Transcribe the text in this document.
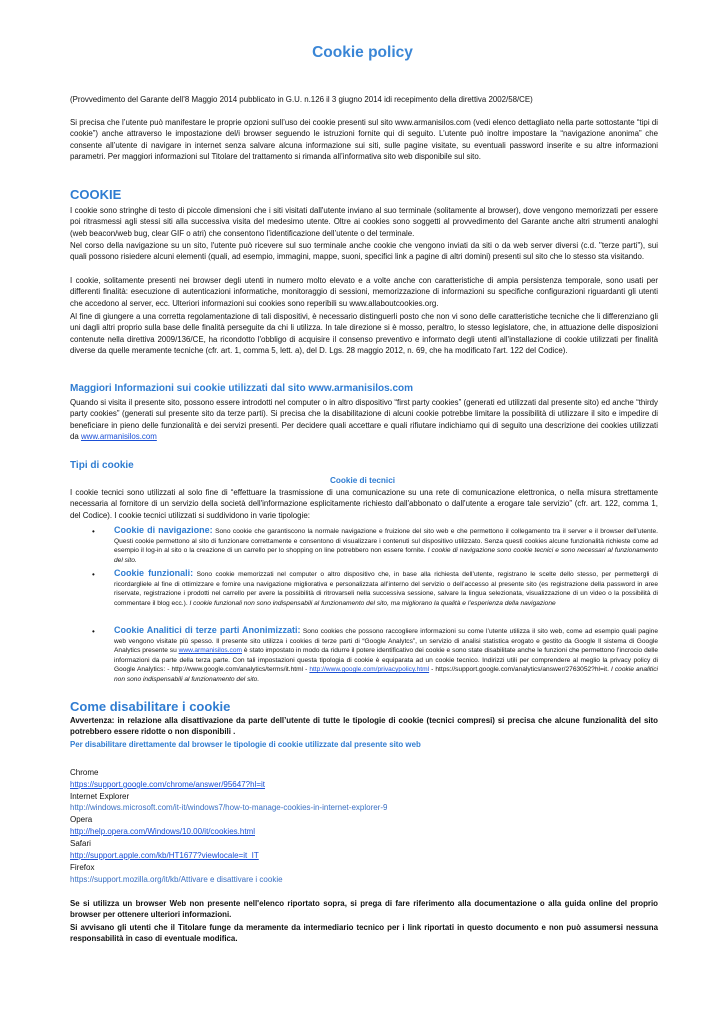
Cookie policy

(Provvedimento del Garante dell’8 Maggio 2014 pubblicato in G.U. n.126 il 3 giugno 2014 idi recepimento della direttiva 2002/58/CE)

Si precisa che l’utente può manifestare le proprie opzioni sull’uso dei cookie presenti sul sito www.armanisilos.com (vedi elenco dettagliato nella parte sottostante “tipi di cookie”) anche attraverso le impostazione del/i browser seguendo le istruzioni fornite qui di seguito. L’utente può inoltre impostare la “navigazione anonima” che consente all’utente di navigare in internet senza salvare alcuna informazione sui siti, sulle pagine visitate, su eventuali password inserite e su altre informazioni parametri. Per maggiori informazioni sul Titolare del trattamento si rimanda all’informativa sito web disponibile sul sito.

COOKIE

I cookie sono stringhe di testo di piccole dimensioni che i siti visitati dall'utente inviano al suo terminale (solitamente al browser), dove vengono memorizzati per essere poi ritrasmessi agli stessi siti alla successiva visita del medesimo utente. Oltre ai cookies sono soggetti al provvedimento del Garante anche altri strumenti analoghi (web beacon/web bug, clear GIF o atri) che consentono l’identificazione dell’utente o del terminale.

Nel corso della navigazione su un sito, l'utente può ricevere sul suo terminale anche cookie che vengono inviati da siti o da web server diversi (c.d. "terze parti"), sui quali possono risiedere alcuni elementi (quali, ad esempio, immagini, mappe, suoni, specifici link a pagine di altri domini) presenti sul sito che lo stesso sta visitando.

I cookie, solitamente presenti nei browser degli utenti in numero molto elevato e a volte anche con caratteristiche di ampia persistenza temporale, sono usati per differenti finalità: esecuzione di autenticazioni informatiche, monitoraggio di sessioni, memorizzazione di informazioni su specifiche configurazioni riguardanti gli utenti che accedono al server, ecc. Ulteriori informazioni sui cookies sono reperibili su www.allaboutcookies.org.

Al fine di giungere a una corretta regolamentazione di tali dispositivi, è necessario distinguerli posto che non vi sono delle caratteristiche tecniche che li differenziano gli uni dagli altri proprio sulla base delle finalità perseguite da chi li utilizza. In tale direzione si è mosso, peraltro, lo stesso legislatore, che, in attuazione delle disposizioni contenute nella direttiva 2009/136/CE, ha ricondotto l'obbligo di acquisire il consenso preventivo e informato degli utenti all'installazione di cookie utilizzati per finalità diverse da quelle meramente tecniche (cfr. art. 1, comma 5, lett. a), del D. Lgs. 28 maggio 2012, n. 69, che ha modificato l'art. 122 del Codice).

Maggiori Informazioni sui cookie utilizzati dal sito www.armanisilos.com

Quando si visita il presente sito, possono essere introdotti nel computer o in altro dispositivo “first party cookies” (generati ed utilizzati dal presente sito) ed anche “thirdy party cookies” (generati sul presente sito da terze parti). Si precisa che la disabilitazione di alcuni cookie potrebbe limitare la possibilità di utilizzare il sito e impedire di beneficiare in pieno delle funzionalità e dei servizi presenti. Per decidere quali accettare e quali rifiutare indichiamo qui di seguito una descrizione dei cookies utilizzati da www.armanisilos.com

Tipi di cookie
Cookie di tecnici

I cookie tecnici sono utilizzati al solo fine di “effettuare la trasmissione di una comunicazione su una rete di comunicazione elettronica, o nella misura strettamente necessaria al fornitore di un servizio della società dell'informazione esplicitamente richiesto dall'abbonato o dall'utente a erogare tale servizio” (cfr. art. 122, comma 1, del Codice). I cookie tecnici utilizzati si suddividono in varie tipologie:

• Cookie di navigazione: Sono cookie che garantiscono la normale navigazione e fruizione del sito web e che permettono il collegamento tra il server e il browser dell’utente. Questi cookie permettono al sito di funzionare correttamente e consentono di visualizzare i contenuti sul dispositivo utilizzato. Senza questi cookies alcune funzionalità richieste come ad esempio il log-in al sito o la creazione di un carrello per lo shopping on line potrebbero non essere fornite. I cookie di navigazione sono cookie tecnici e sono necessari al funzionamento del sito.

• Cookie funzionali: Sono cookie memorizzati nel computer o altro dispositivo che, in base alla richiesta dell’utente, registrano le scelte dello stesso, per permettergli di ricordargliele al fine di ottimizzare e fornire una navigazione migliorativa e personalizzata all’interno del servizio o dell’accesso al presente sito (es registrazione della password in aree riservate, registrazione i prodotti nel carrello per avere la possibilità di ritrovarseli nella successiva sessione, salvare la lingua selezionata, visualizzazione di un video o la possibilità di commentare il blog ecc.). I cookie funzionali non sono indispensabili al funzionamento del sito, ma migliorano la qualità e l’esperienza della navigazione

• Cookie Analitici di terze parti Anonimizzati: Sono cookies che possono raccogliere informazioni su come l’utente utilizza il sito web, come ad esempio quali pagine web vengono visitate più spesso. Il presente sito utilizza i cookies di terze parti di “Google Analytcs”, un servizio di analisi statistica erogato e gestito da Google Il sistema di Google Analytics presente su www.armanisilos.com è stato impostato in modo da ridurre il potere identificativo dei cookie e sono state disabilitate anche le funzioni che permettono l’incrocio delle informazioni da parte della terza parte. Con tali impostazioni questa tipologia di cookie è equiparata ad un cookie tecnico. Indirizzi utili per comprendere al meglio la privacy policy di Google Analytics: - http://www.google.com/analytics/terms/it.html - http://www.google.com/privacypolicy.html - https://support.google.com/analytics/answer/2763052?hl=it. I cookie analitici non sono indispensabili al funzionamento del sito.

Come disabilitare i cookie

Avvertenza: in relazione alla disattivazione da parte dell’utente di tutte le tipologie di cookie (tecnici compresi) si precisa che alcune funzionalità del sito potrebbero essere ridotte o non disponibili .

Per disabilitare direttamente dal browser le tipologie di cookie utilizzate dal presente sito web

Chrome
https://support.google.com/chrome/answer/95647?hl=it
Internet Explorer
http://windows.microsoft.com/it-it/windows7/how-to-manage-cookies-in-internet-explorer-9
Opera
http://help.opera.com/Windows/10.00/it/cookies.html
Safari
http://support.apple.com/kb/HT1677?viewlocale=it_IT
Firefox
https://support.mozilla.org/it/kb/Attivare e disattivare i cookie

Se si utilizza un browser Web non presente nell'elenco riportato sopra, si prega di fare riferimento alla documentazione o alla guida online del proprio browser per ottenere ulteriori informazioni.

Si avvisano gli utenti che il Titolare funge da meramente da intermediario tecnico per i link riportati in questo documento e non può assumersi nessuna responsabilità in caso di eventuale modifica.
